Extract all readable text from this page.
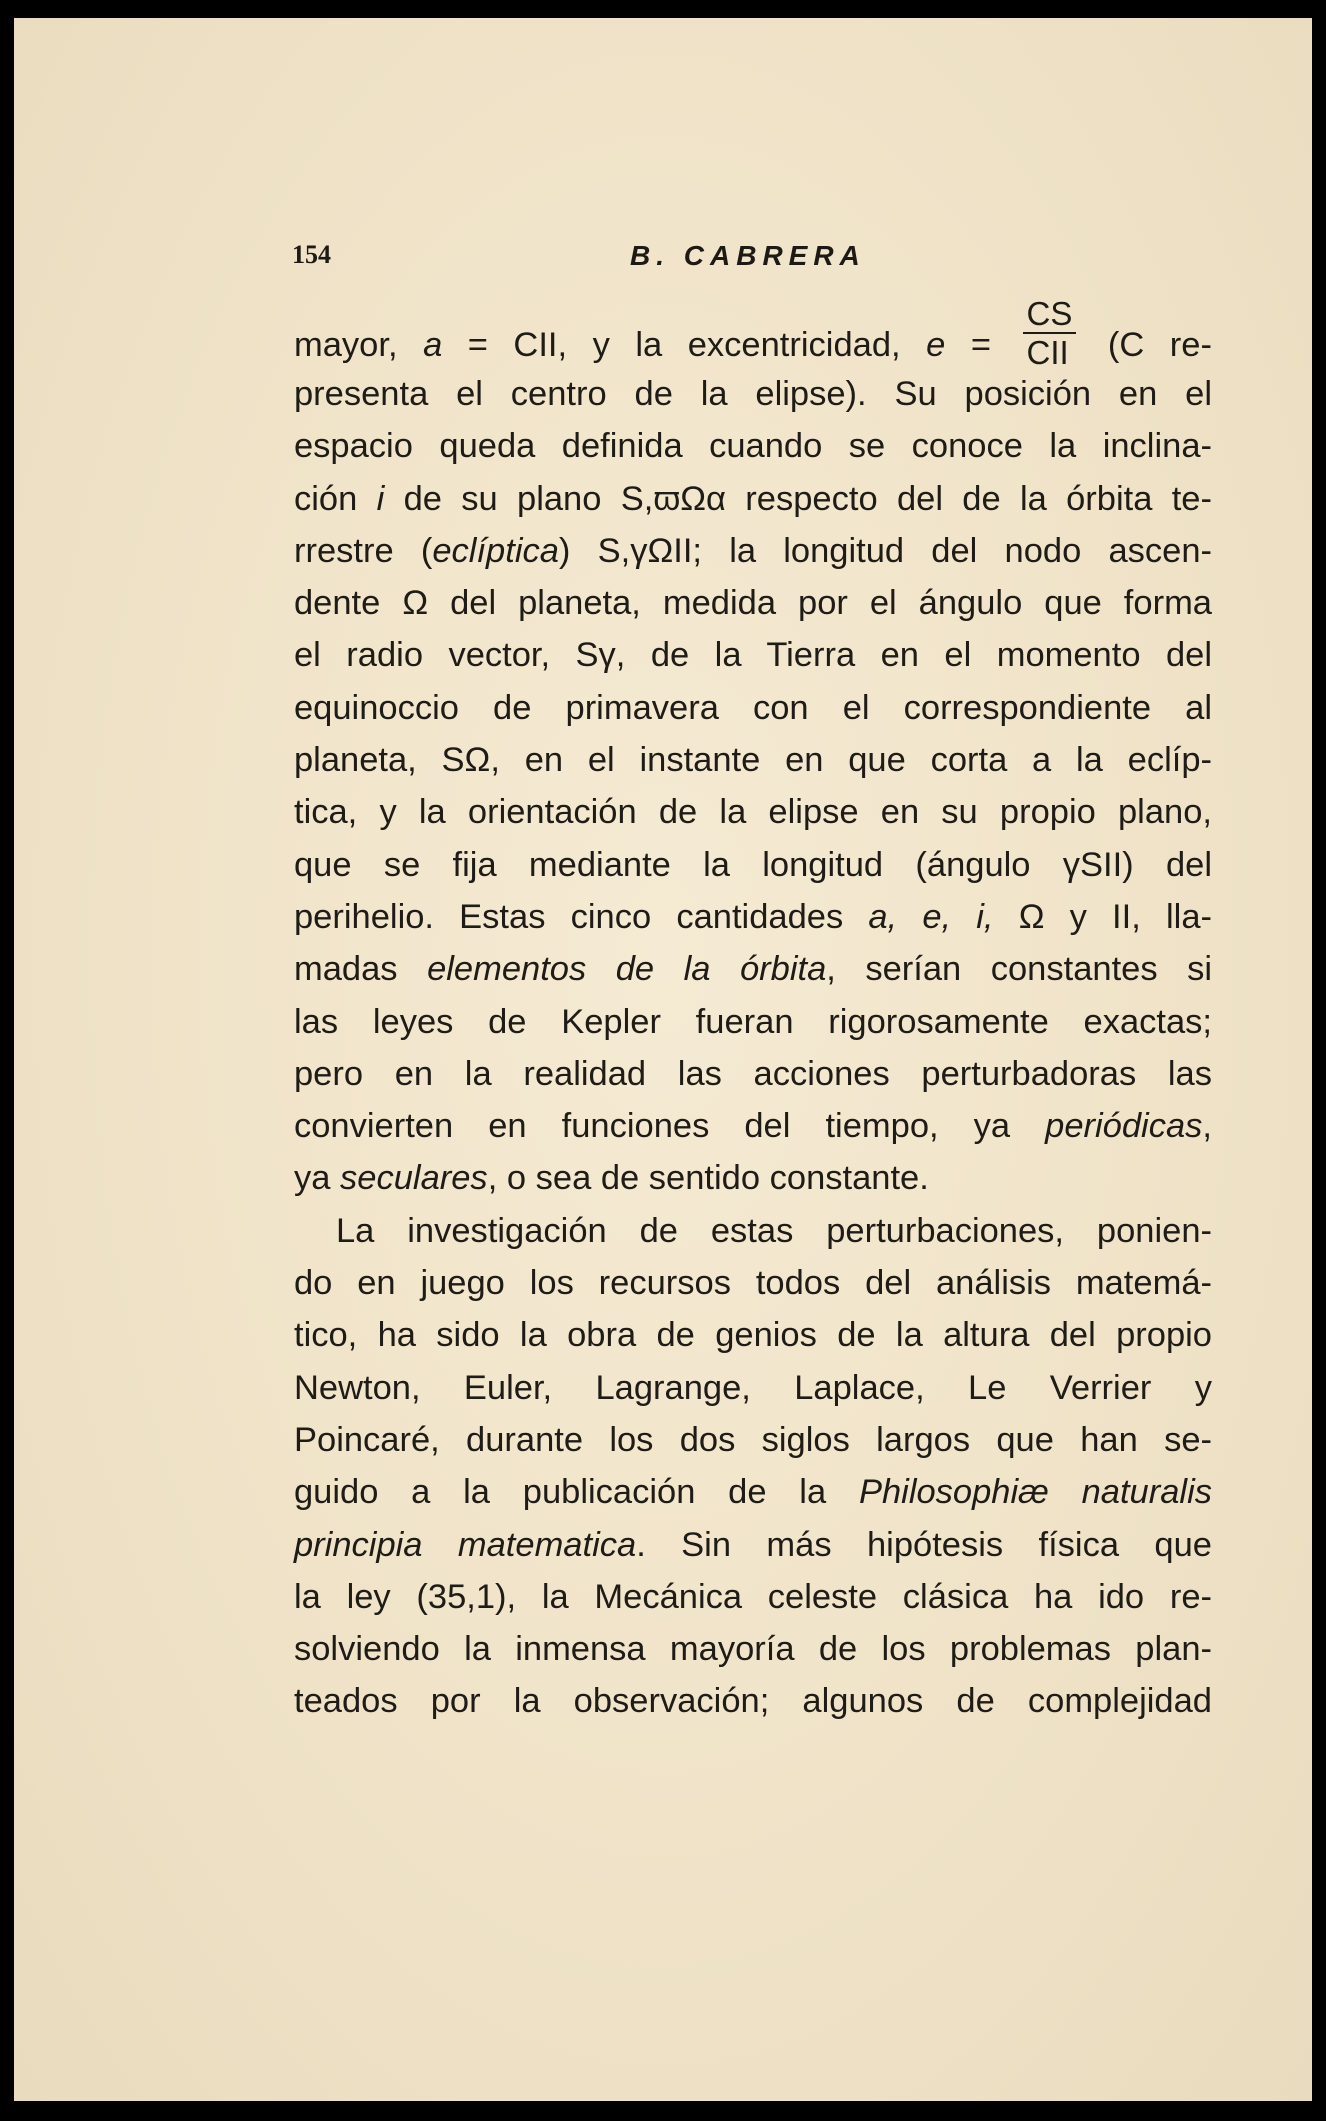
154	B. CABRERA
mayor, a = CII, y la excentricidad, $e = \frac{CS}{\text{CII}} (C$ re-
presenta el centro de la elipse). Su posición en el
espacio queda definida cuando se conoce la inclina-
ción i de su plano S,ϖΩα respecto del de la órbita te-
rrestre (eclíptica) S,γΩII; la longitud del nodo ascen-
dente Ω del planeta, medida por el ángulo que forma
el radio vector, Sγ, de la Tierra en el momento del
equinoccio de primavera con el correspondiente al
planeta, SΩ, en el instante en que corta a la eclíp-
tica, y la orientación de la elipse en su propio plano,
que se fija mediante la longitud (ángulo γSII) del
perihelio. Estas cinco cantidades a, e, i, Ω y II, lla-
madas elementos de la órbita, serían constantes si
las leyes de Kepler fueran rigorosamente exactas;
pero en la realidad las acciones perturbadoras las
convierten en funciones del tiempo, ya periódicas,
ya seculares, o sea de sentido constante.
La investigación de estas perturbaciones, ponien-
do en juego los recursos todos del análisis matemá-
tico, ha sido la obra de genios de la altura del propio
Newton, Euler, Lagrange, Laplace, Le Verrier y
Poincaré, durante los dos siglos largos que han se-
guido a la publicación de la Philosophiæ naturalis
principia matematica. Sin más hipótesis física que
la ley (35,1), la Mecánica celeste clásica ha ido re-
solviendo la inmensa mayoría de los problemas plan-
teados por la observación; algunos de complejidad
